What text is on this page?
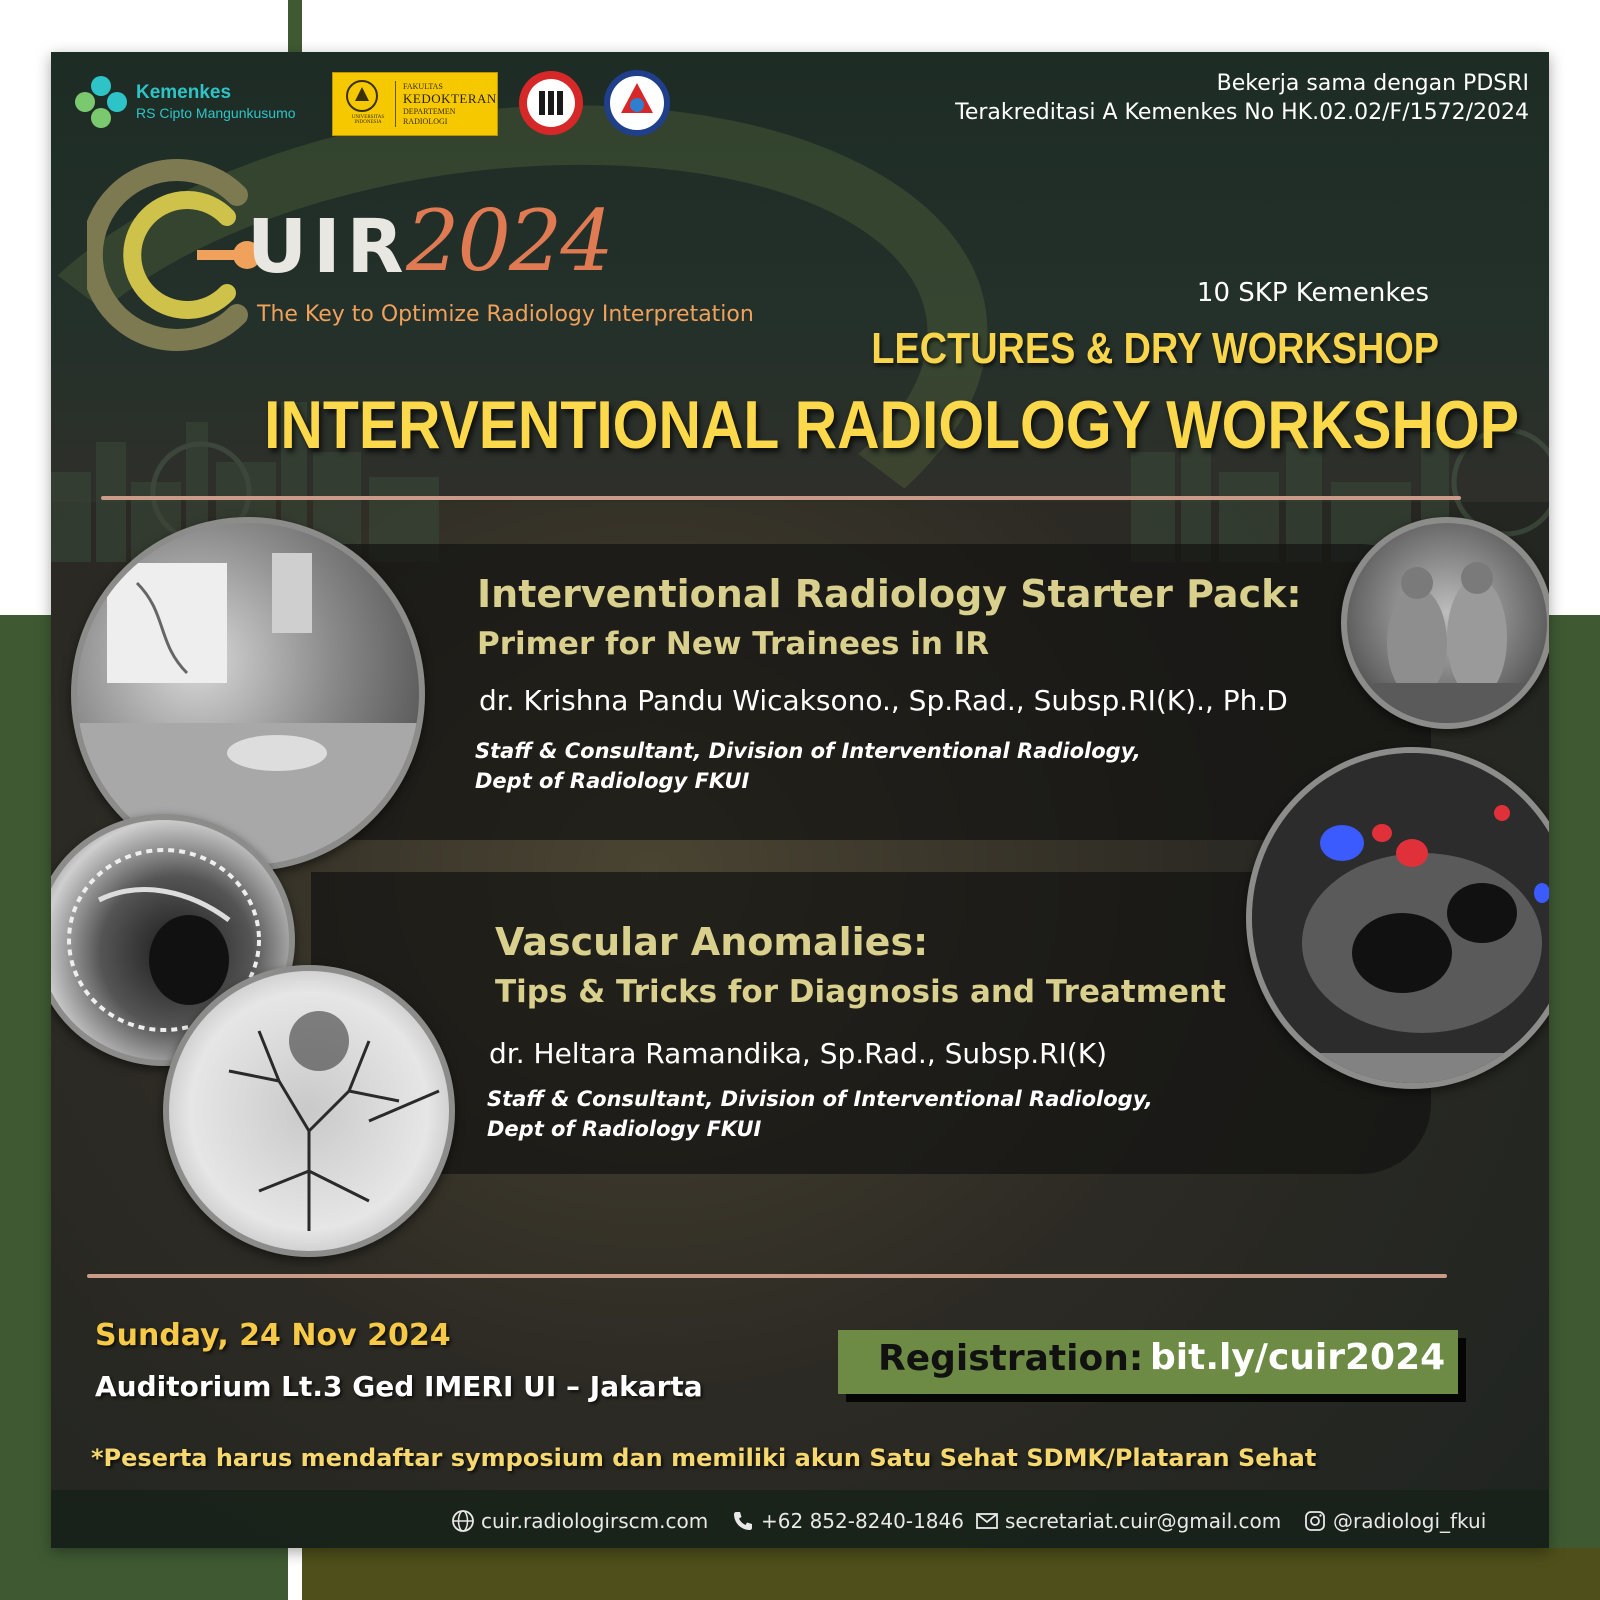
Kemenkes
RS Cipto Mangunkusumo	UNIVERSITAS INDONESIA
FAKULTAS
KEDOKTERAN
DEPARTEMEN
RADIOLOGI
Bekerja sama dengan PDSRI
Terakreditasi A Kemenkes No HK.02.02/F/1572/2024
UIR
2024
The Key to Optimize Radiology Interpretation
10 SKP Kemenkes
LECTURES & DRY WORKSHOP
INTERVENTIONAL RADIOLOGY WORKSHOP
Interventional Radiology Starter Pack:
Primer for New Trainees in IR
dr. Krishna Pandu Wicaksono., Sp.Rad., Subsp.RI(K)., Ph.D
Staff & Consultant, Division of Interventional Radiology,
Dept of Radiology FKUI
Vascular Anomalies:
Tips & Tricks for Diagnosis and Treatment
dr. Heltara Ramandika, Sp.Rad., Subsp.RI(K)
Staff & Consultant, Division of Interventional Radiology,
Dept of Radiology FKUI
Sunday, 24 Nov 2024
Auditorium Lt.3 Ged IMERI UI – Jakarta
Registration: bit.ly/cuir2024
*Peserta harus mendaftar symposium dan memiliki akun Satu Sehat SDMK/Plataran Sehat
cuir.radiologirscm.com	+62 852-8240-1846 secretariat.cuir@gmail.com	@radiologi_fkui
